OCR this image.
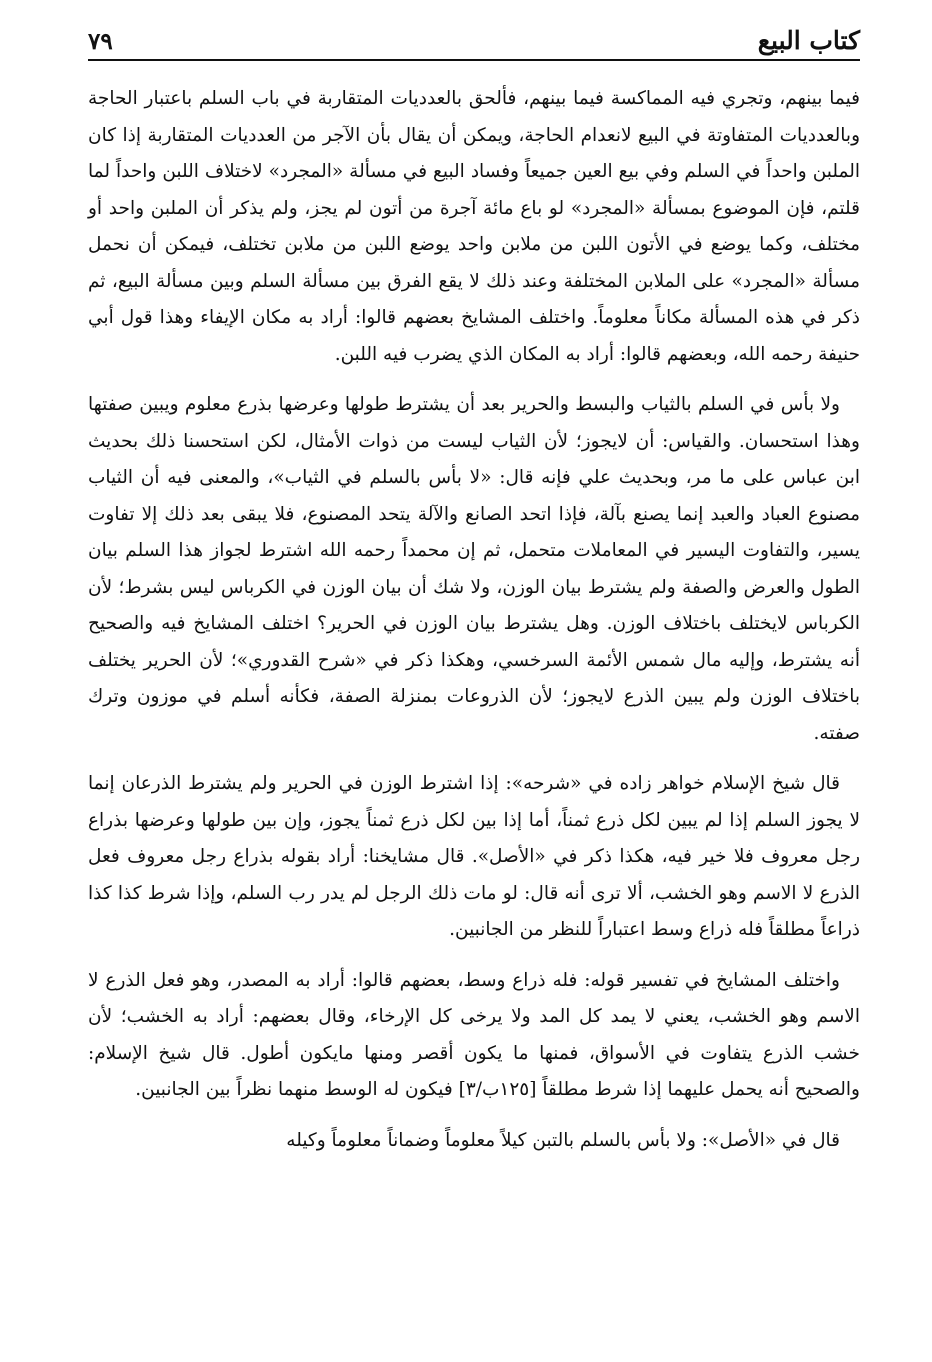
٧٩	كتاب البيع

فيما بينهم، وتجري فيه المماكسة فيما بينهم، فألحق بالعدديات المتقاربة في باب السلم باعتبار الحاجة وبالعدديات المتفاوتة في البيع لانعدام الحاجة، ويمكن أن يقال بأن الآجر من العدديات المتقاربة إذا كان الملبن واحداً في السلم وفي بيع العين جميعاً وفساد البيع في مسألة «المجرد» لاختلاف اللبن واحداً لما قلتم، فإن الموضوع بمسألة «المجرد» لو باع مائة آجرة من أتون لم يجز، ولم يذكر أن الملبن واحد أو مختلف، وكما يوضع في الأتون اللبن من ملابن واحد يوضع اللبن من ملابن تختلف، فيمكن أن نحمل مسألة «المجرد» على الملابن المختلفة وعند ذلك لا يقع الفرق بين مسألة السلم وبين مسألة البيع، ثم ذكر في هذه المسألة مكاناً معلوماً. واختلف المشايخ بعضهم قالوا: أراد به مكان الإيفاء وهذا قول أبي حنيفة رحمه الله، وبعضهم قالوا: أراد به المكان الذي يضرب فيه اللبن.

ولا بأس في السلم بالثياب والبسط والحرير بعد أن يشترط طولها وعرضها بذرع معلوم ويبين صفتها وهذا استحسان. والقياس: أن لايجوز؛ لأن الثياب ليست من ذوات الأمثال، لكن استحسنا ذلك بحديث ابن عباس على ما مر، وبحديث علي فإنه قال: «لا بأس بالسلم في الثياب»، والمعنى فيه أن الثياب مصنوع العباد والعبد إنما يصنع بآلة، فإذا اتحد الصانع والآلة يتحد المصنوع، فلا يبقى بعد ذلك إلا تفاوت يسير، والتفاوت اليسير في المعاملات متحمل، ثم إن محمداً رحمه الله اشترط لجواز هذا السلم بيان الطول والعرض والصفة ولم يشترط بيان الوزن، ولا شك أن بيان الوزن في الكرباس ليس بشرط؛ لأن الكرباس لايختلف باختلاف الوزن. وهل يشترط بيان الوزن في الحرير؟ اختلف المشايخ فيه والصحيح أنه يشترط، وإليه مال شمس الأئمة السرخسي، وهكذا ذكر في «شرح القدوري»؛ لأن الحرير يختلف باختلاف الوزن ولم يبين الذرع لايجوز؛ لأن الذروعات بمنزلة الصفة، فكأنه أسلم في موزون وترك صفته.

قال شيخ الإسلام خواهر زاده في «شرحه»: إذا اشترط الوزن في الحرير ولم يشترط الذرعان إنما لا يجوز السلم إذا لم يبين لكل ذرع ثمناً، أما إذا بين لكل ذرع ثمناً يجوز، وإن بين طولها وعرضها بذراع رجل معروف فلا خير فيه، هكذا ذكر في «الأصل». قال مشايخنا: أراد بقوله بذراع رجل معروف فعل الذرع لا الاسم وهو الخشب، ألا ترى أنه قال: لو مات ذلك الرجل لم يدر رب السلم، وإذا شرط كذا كذا ذراعاً مطلقاً فله ذراع وسط اعتباراً للنظر من الجانبين.

واختلف المشايخ في تفسير قوله: فله ذراع وسط، بعضهم قالوا: أراد به المصدر، وهو فعل الذرع لا الاسم وهو الخشب، يعني لا يمد كل المد ولا يرخى كل الإرخاء، وقال بعضهم: أراد به الخشب؛ لأن خشب الذرع يتفاوت في الأسواق، فمنها ما يكون أقصر ومنها مايكون أطول. قال شيخ الإسلام: والصحيح أنه يحمل عليهما إذا شرط مطلقاً [١٢٥ب/٣] فيكون له الوسط منهما نظراً بين الجانبين.

قال في «الأصل»: ولا بأس بالسلم بالتبن كيلاً معلوماً وضماناً معلوماً وكيله
